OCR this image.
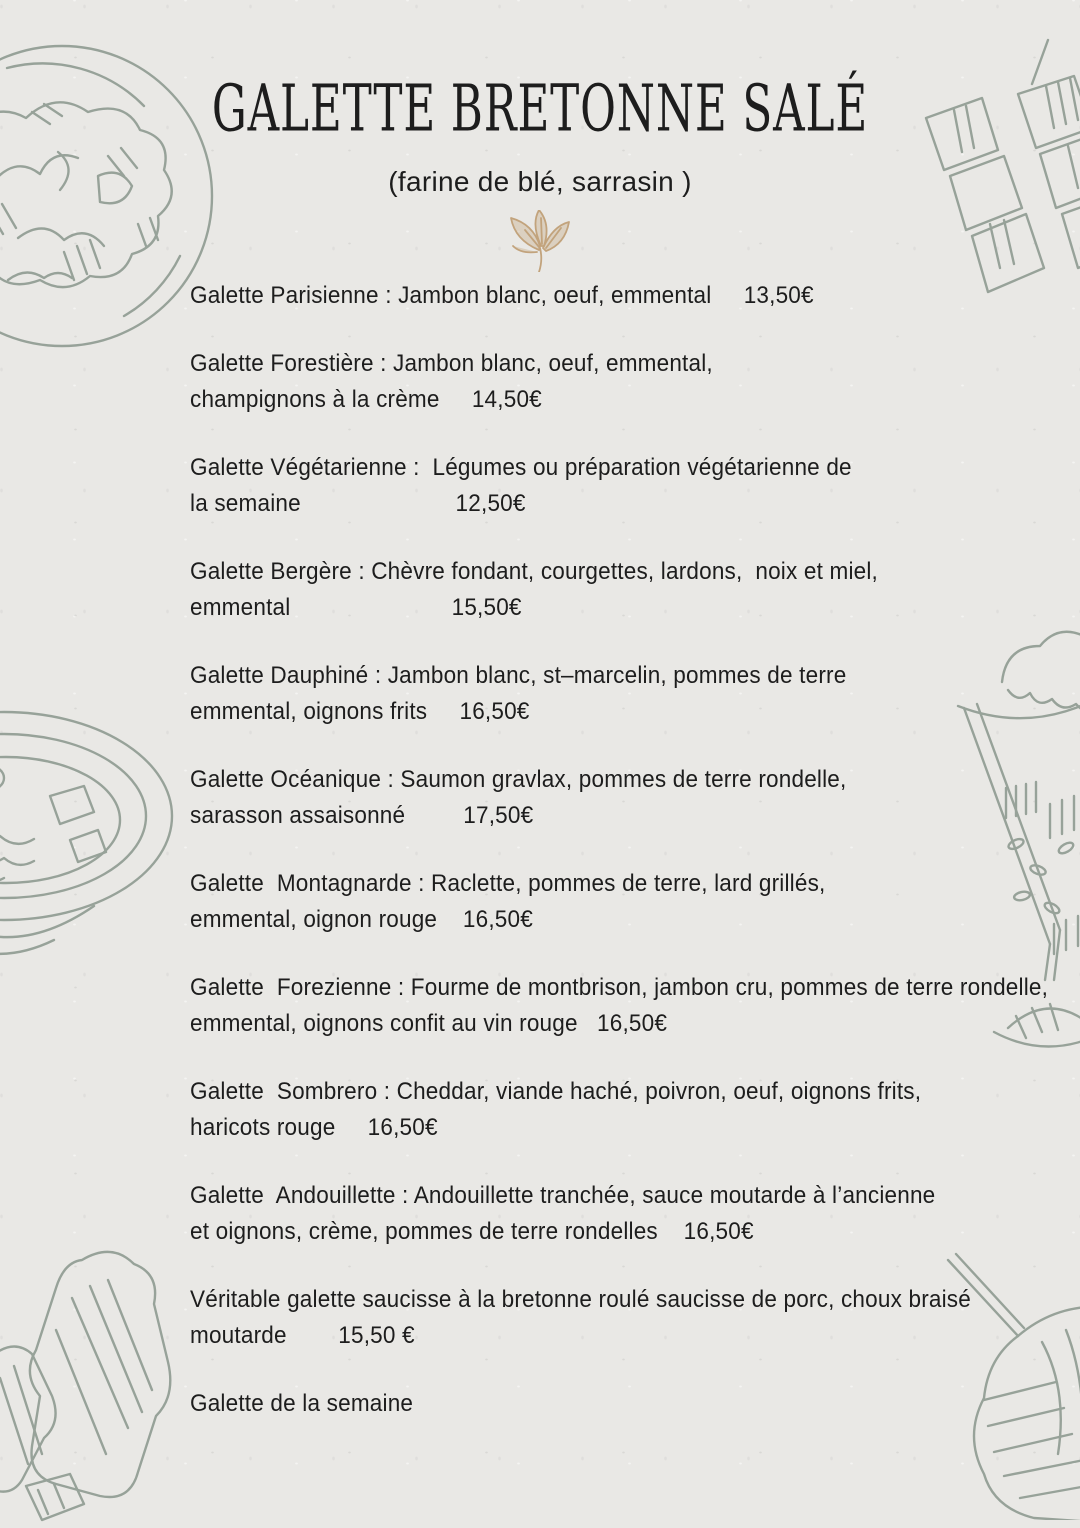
GALETTE BRETONNE SALÉ
(farine de blé, sarrasin )
Galette Parisienne : Jambon blanc, oeuf, emmental     13,50€
Galette Forestière : Jambon blanc, oeuf, emmental,
champignons à la crème     14,50€
Galette Végétarienne :  Légumes ou préparation végétarienne de
la semaine                        12,50€
Galette Bergère : Chèvre fondant, courgettes, lardons,  noix et miel,
emmental                         15,50€
Galette Dauphiné : Jambon blanc, st–marcelin, pommes de terre
emmental, oignons frits     16,50€
Galette Océanique : Saumon gravlax, pommes de terre rondelle,
sarasson assaisonné         17,50€
Galette  Montagnarde : Raclette, pommes de terre, lard grillés,
emmental, oignon rouge    16,50€
Galette  Forezienne : Fourme de montbrison, jambon cru, pommes de terre rondelle,
emmental, oignons confit au vin rouge   16,50€
Galette  Sombrero : Cheddar, viande haché, poivron, oeuf, oignons frits,
haricots rouge     16,50€
Galette  Andouillette : Andouillette tranchée, sauce moutarde à l’ancienne
et oignons, crème, pommes de terre rondelles    16,50€
Véritable galette saucisse à la bretonne roulé saucisse de porc, choux braisé
moutarde        15,50 €
Galette de la semaine
